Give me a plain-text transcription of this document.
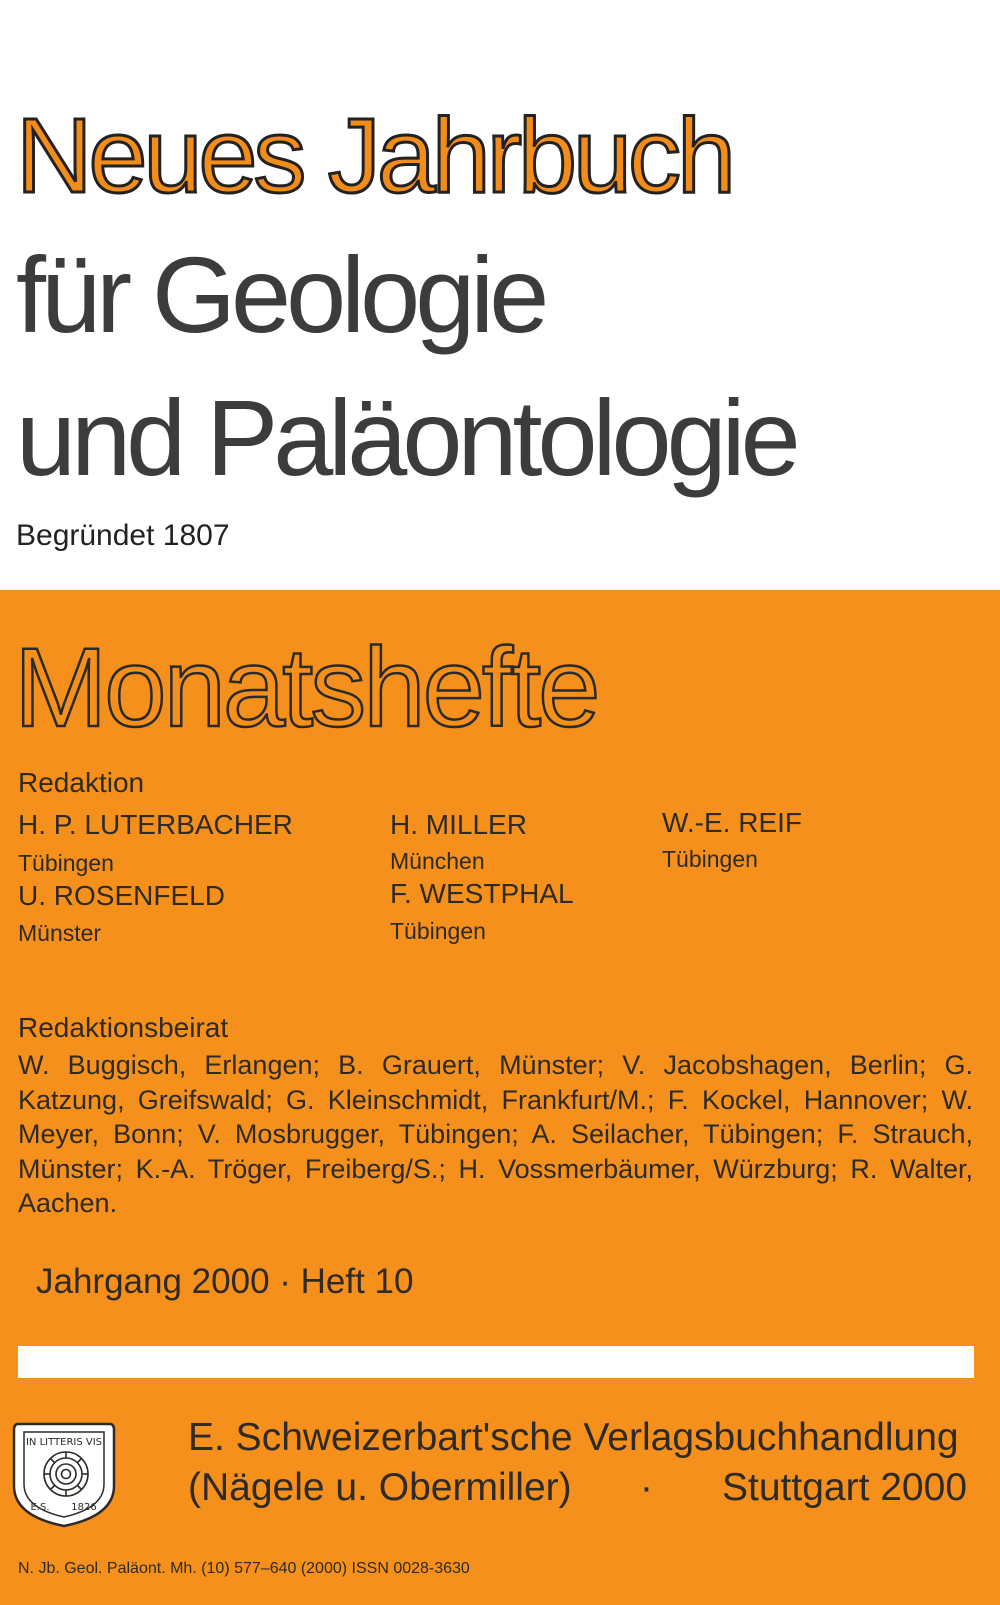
Neues Jahrbuch
für Geologie
und Paläontologie
Begründet 1807
Monatshefte
Redaktion
H. P. LUTERBACHER
Tübingen
H. MILLER
München
W.-E. REIF
Tübingen
U. ROSENFELD
Münster
F. WESTPHAL
Tübingen
Redaktionsbeirat
W. Buggisch, Erlangen; B. Grauert, Münster; V. Jacobshagen, Berlin; G. Katzung, Greifswald; G. Kleinschmidt, Frankfurt/M.; F. Kockel, Hannover; W. Meyer, Bonn; V. Mosbrugger, Tübingen; A. Seilacher, Tübingen; F. Strauch, Münster; K.-A. Tröger, Freiberg/S.; H. Vossmerbäumer, Würzburg; R. Walter, Aachen.
Jahrgang 2000 · Heft 10
IN LITTERIS VIS
E.S. 1826
E. Schweizerbart'sche Verlagsbuchhandlung
(Nägele u. Obermiller) · Stuttgart 2000
N. Jb. Geol. Paläont. Mh. (10) 577–640 (2000) ISSN 0028-3630
